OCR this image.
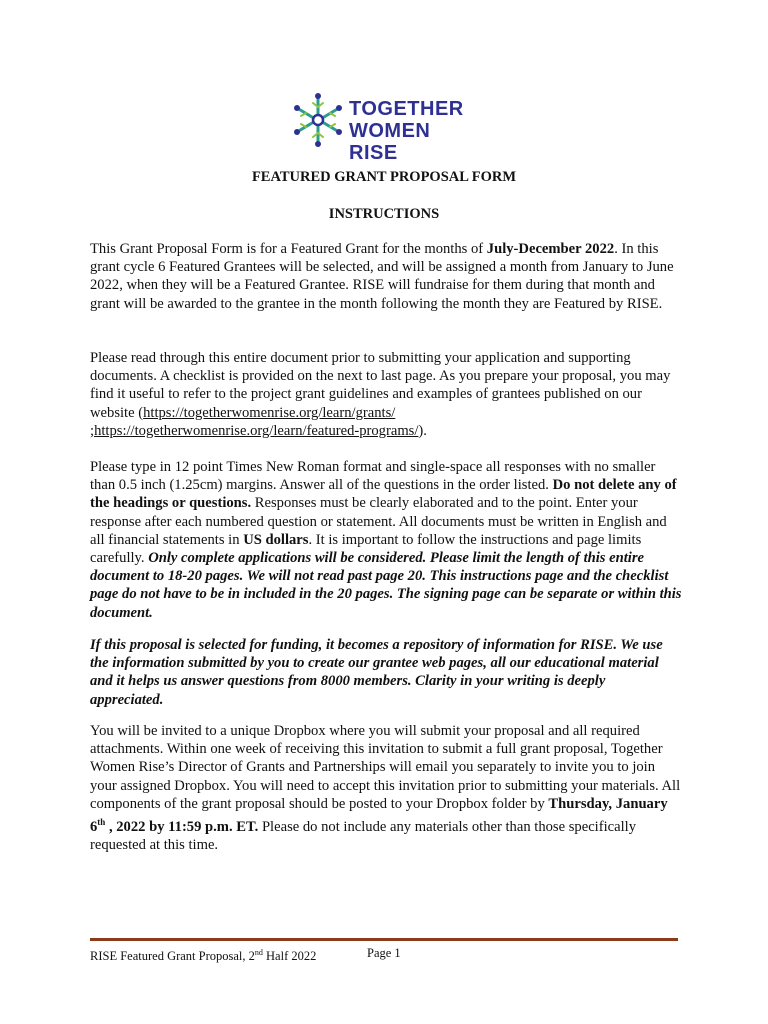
TOGETHER
WOMEN RISE
FEATURED GRANT PROPOSAL FORM
INSTRUCTIONS

This Grant Proposal Form is for a Featured Grant for the months of July-December 2022. In this grant cycle 6 Featured Grantees will be selected, and will be assigned a month from January to June 2022, when they will be a Featured Grantee. RISE will fundraise for them during that month and grant will be awarded to the grantee in the month following the month they are Featured by RISE.

Please read through this entire document prior to submitting your application and supporting documents. A checklist is provided on the next to last page. As you prepare your proposal, you may find it useful to refer to the project grant guidelines and examples of grantees published on our website (https://togetherwomenrise.org/learn/grants/
;https://togetherwomenrise.org/learn/featured-programs/).

Please type in 12 point Times New Roman format and single-space all responses with no smaller than 0.5 inch (1.25cm) margins. Answer all of the questions in the order listed. Do not delete any of the headings or questions. Responses must be clearly elaborated and to the point. Enter your response after each numbered question or statement. All documents must be written in English and all financial statements in US dollars. It is important to follow the instructions and page limits carefully. Only complete applications will be considered. Please limit the length of this entire document to 18-20 pages. We will not read past page 20. This instructions page and the checklist page do not have to be in included in the 20 pages. The signing page can be separate or within this document.

If this proposal is selected for funding, it becomes a repository of information for RISE. We use the information submitted by you to create our grantee web pages, all our educational material and it helps us answer questions from 8000 members. Clarity in your writing is deeply appreciated.

You will be invited to a unique Dropbox where you will submit your proposal and all required attachments. Within one week of receiving this invitation to submit a full grant proposal, Together Women Rise’s Director of Grants and Partnerships will email you separately to invite you to join your assigned Dropbox. You will need to accept this invitation prior to submitting your materials. All components of the grant proposal should be posted to your Dropbox folder by Thursday, January 6th , 2022 by 11:59 p.m. ET. Please do not include any materials other than those specifically requested at this time.

RISE Featured Grant Proposal, 2nd Half 2022	Page 1
